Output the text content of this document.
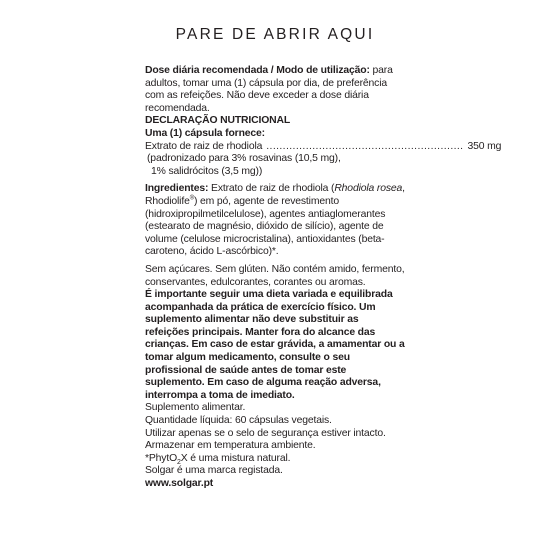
PARE DE ABRIR AQUI

Dose diária recomendada / Modo de utilização: para adultos, tomar uma (1) cápsula por dia, de preferência com as refeições. Não deve exceder a dose diária recomendada.

DECLARAÇÃO NUTRICIONAL

Uma (1) cápsula fornece:

Extrato de raiz de rhodiola ............................................................ 350 mg

(padronizado para 3% rosavinas (10,5 mg),

1% salidrócitos (3,5 mg))

Ingredientes: Extrato de raiz de rhodiola (Rhodiola rosea, Rhodiolife®) em pó, agente de revestimento (hidroxipropilmetilcelulose), agentes antiaglomerantes (estearato de magnésio, dióxido de silício), agente de volume (celulose microcristalina), antioxidantes (beta-caroteno, ácido L-ascórbico)*.

Sem açúcares. Sem glúten. Não contém amido, fermento, conservantes, edulcorantes, corantes ou aromas.

É importante seguir uma dieta variada e equilibrada acompanhada da prática de exercício físico. Um suplemento alimentar não deve substituir as refeições principais. Manter fora do alcance das crianças. Em caso de estar grávida, a amamentar ou a tomar algum medicamento, consulte o seu profissional de saúde antes de tomar este suplemento. Em caso de alguma reação adversa, interrompa a toma de imediato.

Suplemento alimentar.

Quantidade líquida: 60 cápsulas vegetais.

Utilizar apenas se o selo de segurança estiver intacto.

Armazenar em temperatura ambiente.

*PhytO$_2$X é uma mistura natural.

Solgar é uma marca registada.

www.solgar.pt
